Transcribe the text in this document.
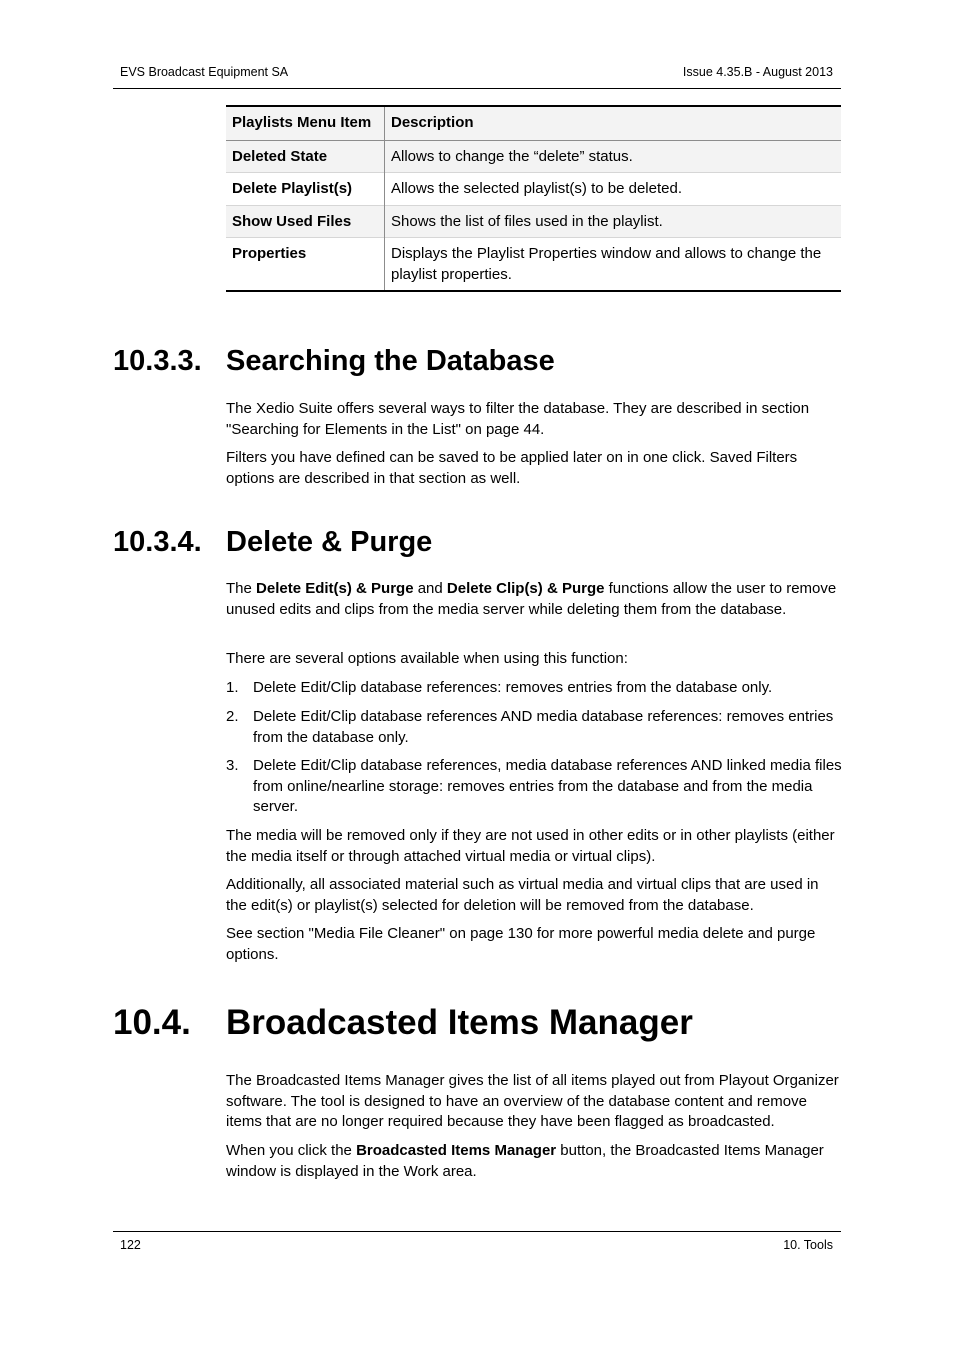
EVS Broadcast Equipment SA	Issue 4.35.B - August 2013
Playlists Menu Item	Description
Deleted State	Allows to change the “delete” status.
Delete Playlist(s)	Allows the selected playlist(s) to be deleted.
Show Used Files	Shows the list of files used in the playlist.
Properties	Displays the Playlist Properties window and allows to change the playlist properties.
10.3.3. Searching the Database
The Xedio Suite offers several ways to filter the database. They are described in section "Searching for Elements in the List" on page 44.
Filters you have defined can be saved to be applied later on in one click. Saved Filters options are described in that section as well.
10.3.4. Delete & Purge
The Delete Edit(s) & Purge and Delete Clip(s) & Purge functions allow the user to remove unused edits and clips from the media server while deleting them from the database.
There are several options available when using this function:
1. Delete Edit/Clip database references: removes entries from the database only.
2. Delete Edit/Clip database references AND media database references: removes entries from the database only.
3. Delete Edit/Clip database references, media database references AND linked media files from online/nearline storage: removes entries from the database and from the media server.
The media will be removed only if they are not used in other edits or in other playlists (either the media itself or through attached virtual media or virtual clips).
Additionally, all associated material such as virtual media and virtual clips that are used in the edit(s) or playlist(s) selected for deletion will be removed from the database.
See section "Media File Cleaner" on page 130 for more powerful media delete and purge options.
10.4. Broadcasted Items Manager
The Broadcasted Items Manager gives the list of all items played out from Playout Organizer software. The tool is designed to have an overview of the database content and remove items that are no longer required because they have been flagged as broadcasted.
When you click the Broadcasted Items Manager button, the Broadcasted Items Manager window is displayed in the Work area.
122	10. Tools
